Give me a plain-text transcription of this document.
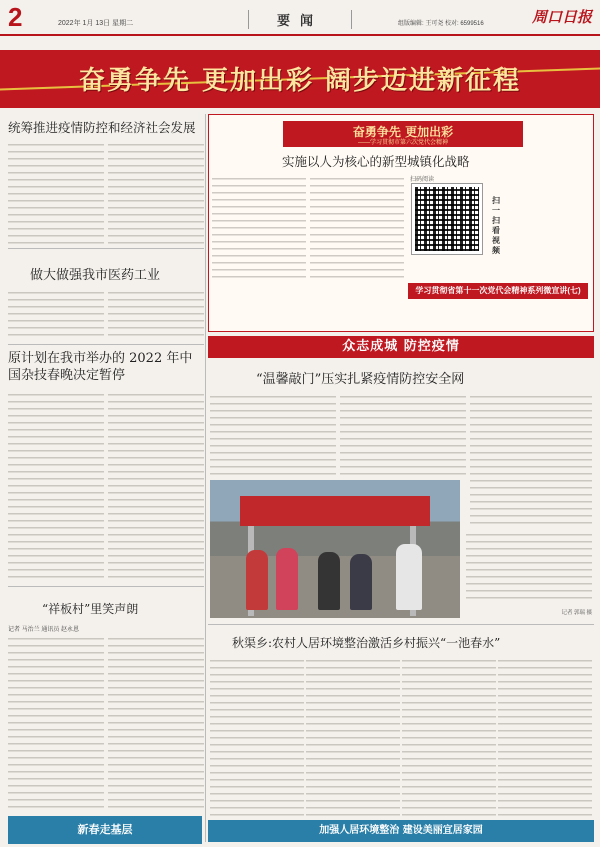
2	2022年 1月 13日 星期二	要闻	组版编辑: 王可尧 校对: 6599516	周口日报
奋勇争先 更加出彩 阔步迈进新征程
统筹推进疫情防控和经济社会发展
做大做强我市医药工业
原计划在我市举办的 2022 年中国杂技春晚决定暂停
“祥板村”里笑声朗
记者 马治兰 通讯员 赵永恩
新春走基层
奋勇争先 更加出彩
——学习贯彻市第六次党代会精神
实施以人为核心的新型城镇化战略
扫码阅读
扫一扫 看视频
学习贯彻省第十一次党代会精神系列微宣讲(七)
众志成城 防控疫情
“温馨敲门”压实扎紧疫情防控安全网
记者 郭瑞 摄
秋渠乡:农村人居环境整治激活乡村振兴“一池春水”
加强人居环境整治 建设美丽宜居家园
